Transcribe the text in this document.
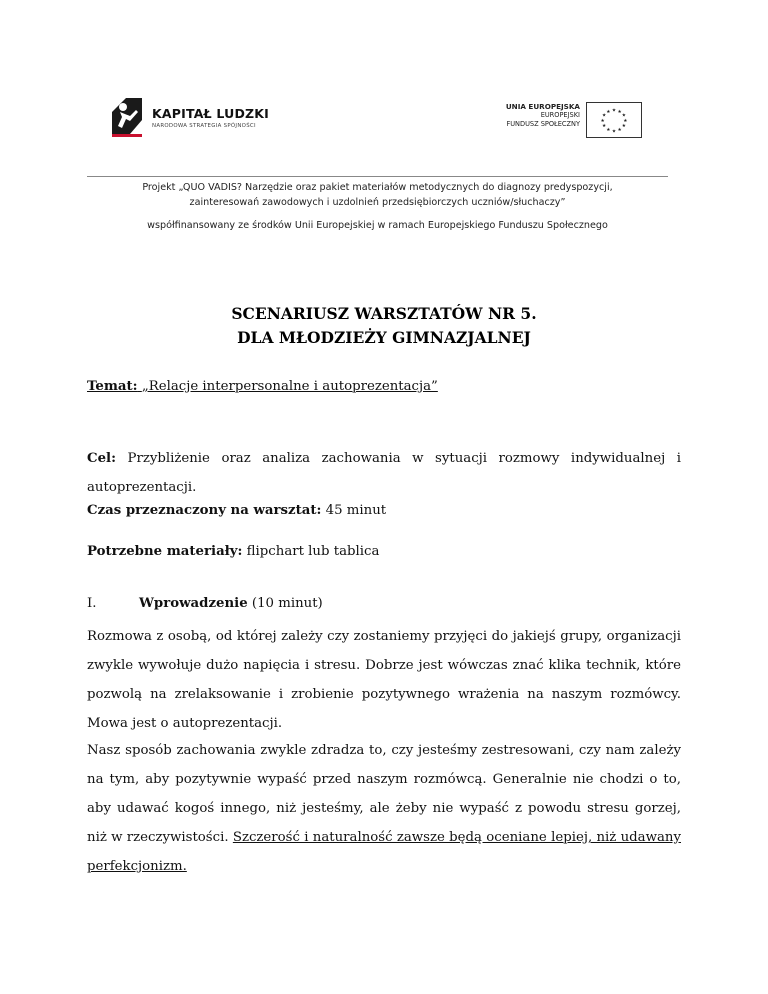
KAPITAŁ LUDZKI
NARODOWA STRATEGIA SPÓJNOŚCI
UNIA EUROPEJSKA
EUROPEJSKI
FUNDUSZ SPOŁECZNY
★ ★
★
★
★
★
★
★
★
★
★
★
Projekt „QUO VADIS? Narzędzie oraz pakiet materiałów metodycznych do diagnozy predyspozycji,
zainteresowań zawodowych i uzdolnień przedsiębiorczych uczniów/słuchaczy”
współfinansowany ze środków Unii Europejskiej w ramach Europejskiego Funduszu Społecznego
SCENARIUSZ WARSZTATÓW NR 5.
DLA MŁODZIEŻY GIMNAZJALNEJ
Temat: „Relacje interpersonalne i autoprezentacja”

Cel: Przybliżenie oraz analiza zachowania w sytuacji rozmowy indywidualnej i autoprezentacji.

Czas przeznaczony na warsztat: 45 minut
Potrzebne materiały: flipchart lub tablica
I.	Wprowadzenie (10 minut)

Rozmowa z osobą, od której zależy czy zostaniemy przyjęci do jakiejś grupy, organizacji zwykle wywołuje dużo napięcia i stresu. Dobrze jest wówczas znać klika technik, które pozwolą na zrelaksowanie i zrobienie pozytywnego wrażenia na naszym rozmówcy. Mowa jest o autoprezentacji.

Nasz sposób zachowania zwykle zdradza to, czy jesteśmy zestresowani, czy nam zależy na tym, aby pozytywnie wypaść przed naszym rozmówcą. Generalnie nie chodzi o to, aby udawać kogoś innego, niż jesteśmy, ale żeby nie wypaść z powodu stresu gorzej, niż w rzeczywistości. Szczerość i naturalność zawsze będą oceniane lepiej, niż udawany perfekcjonizm.
